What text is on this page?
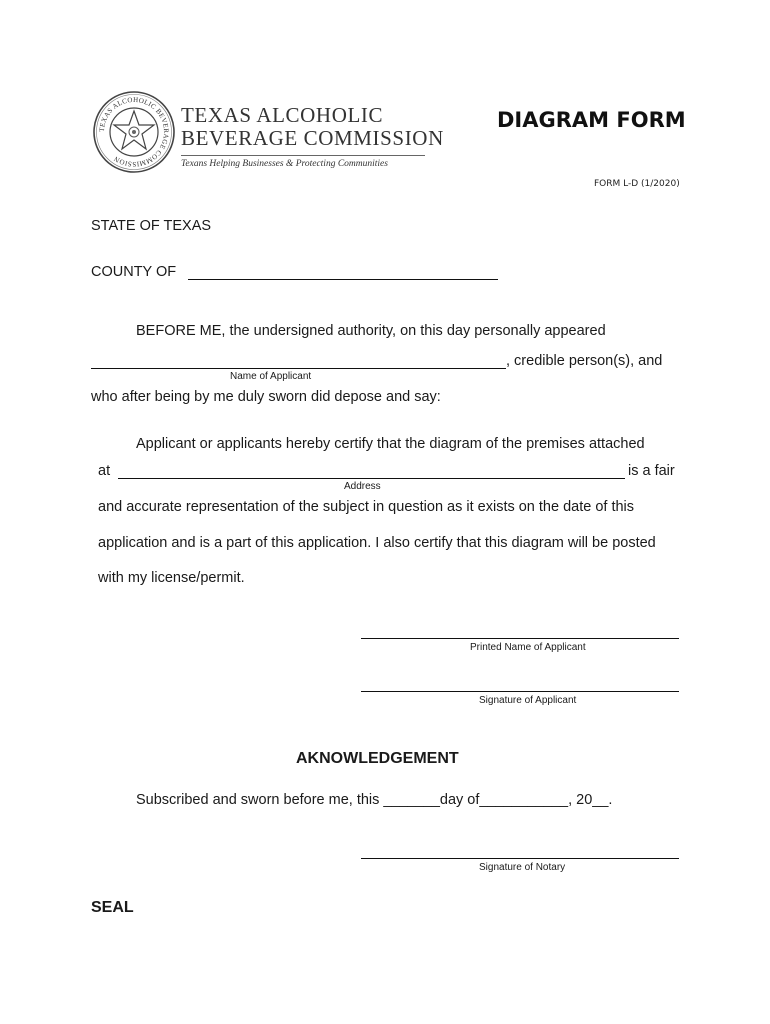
TEXAS ALCOHOLIC BEVERAGE COMMISSION
TEXAS ALCOHOLIC
BEVERAGE COMMISSION
Texans Helping Businesses & Protecting Communities
DIAGRAM FORM
FORM L-D (1/2020)
STATE OF TEXAS
COUNTY OF
BEFORE ME, the undersigned authority, on this day personally appeared
, credible person(s), and
Name of Applicant
who after being by me duly sworn did depose and say:
Applicant or applicants hereby certify that the diagram of the premises attached
at	is a fair
Address
and accurate representation of the subject in question as it exists on the date of this
application and is a part of this application. I also certify that this diagram will be posted
with my license/permit.
Printed Name of Applicant
Signature of Applicant
AKNOWLEDGEMENT
Subscribed and sworn before me, this _______day of___________, 20__.
Signature of Notary
SEAL
